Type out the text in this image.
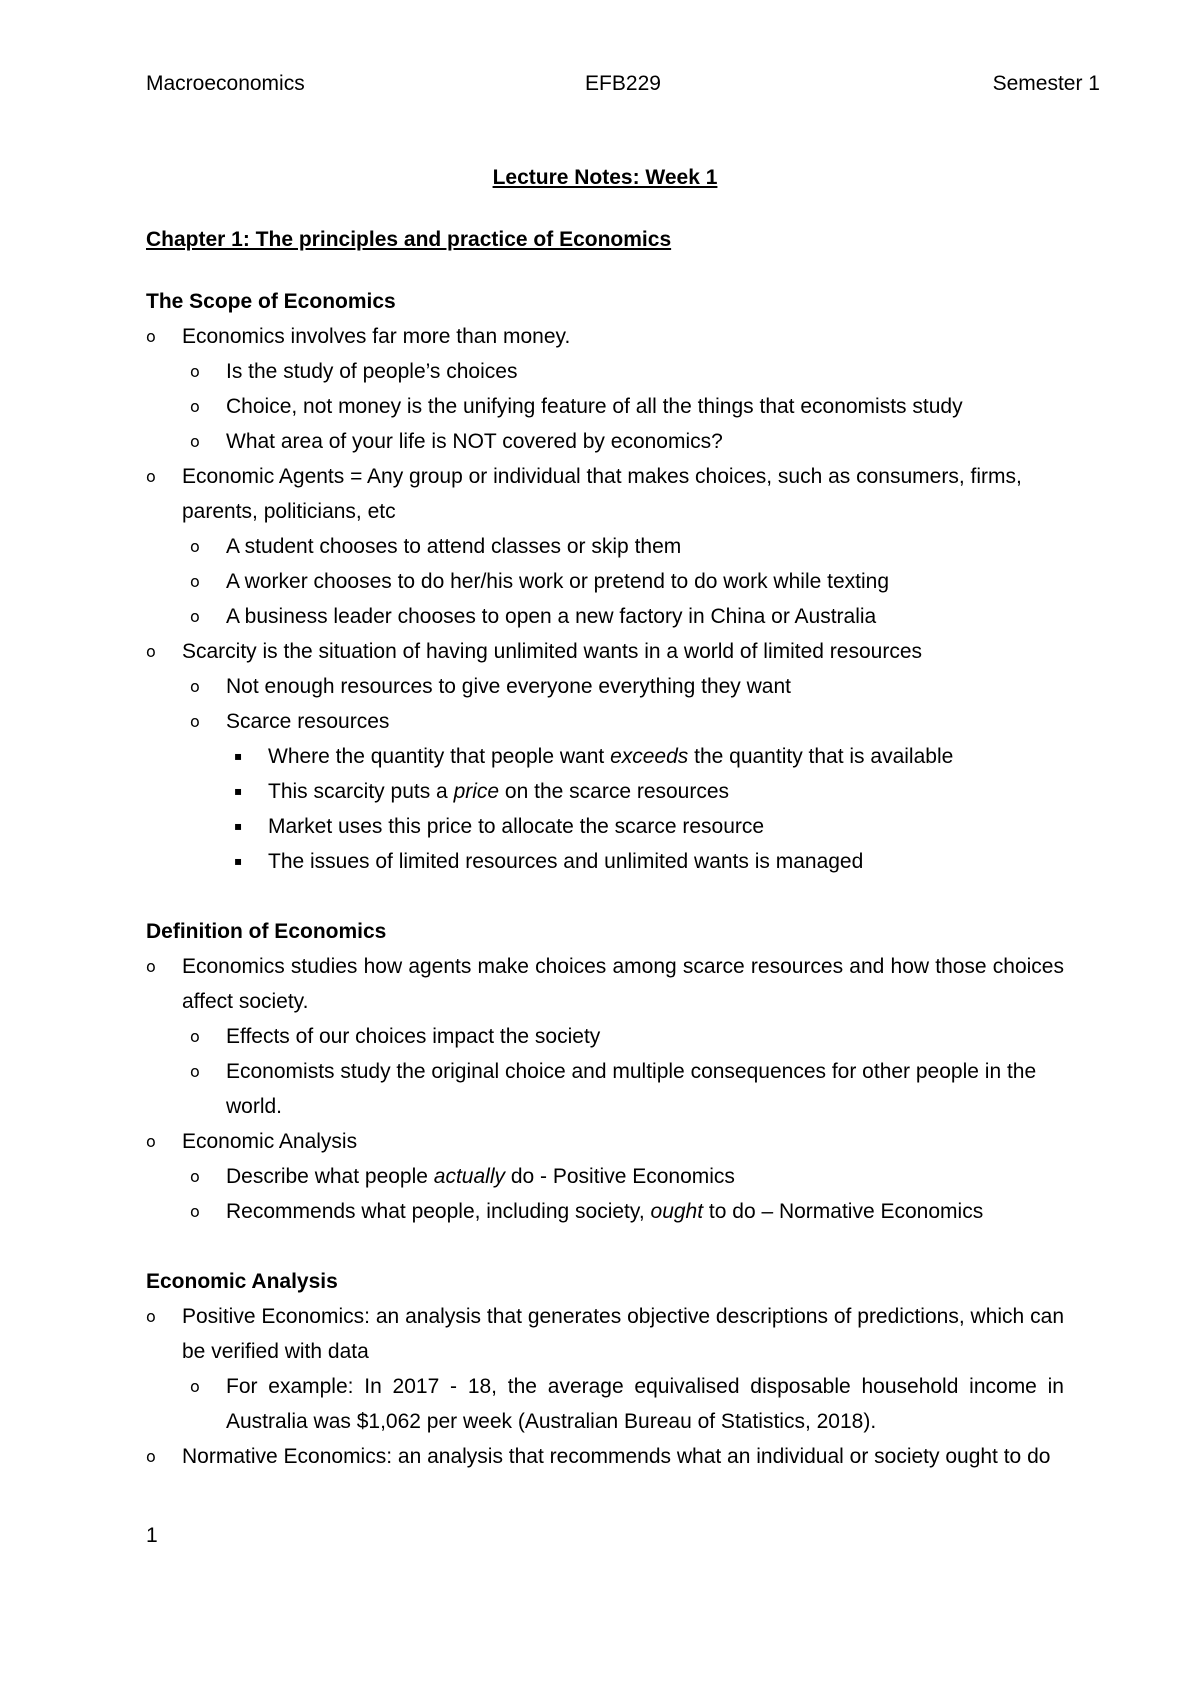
Macroeconomics	EFB229	Semester 1
Lecture Notes: Week 1
Chapter 1: The principles and practice of Economics
The Scope of Economics
o	Economics involves far more than money.
o	Is the study of people’s choices
o	Choice, not money is the unifying feature of all the things that economists study
o	What area of your life is NOT covered by economics?
o	Economic Agents = Any group or individual that makes choices, such as consumers, firms, parents, politicians, etc
o	A student chooses to attend classes or skip them
o	A worker chooses to do her/his work or pretend to do work while texting
o	A business leader chooses to open a new factory in China or Australia
o	Scarcity is the situation of having unlimited wants in a world of limited resources
o	Not enough resources to give everyone everything they want
o	Scarce resources
▪	Where the quantity that people want exceeds the quantity that is available
▪	This scarcity puts a price on the scarce resources
▪	Market uses this price to allocate the scarce resource
▪	The issues of limited resources and unlimited wants is managed
Definition of Economics
o	Economics studies how agents make choices among scarce resources and how those choices affect society.
o	Effects of our choices impact the society
o	Economists study the original choice and multiple consequences for other people in the world.
o	Economic Analysis
o	Describe what people actually do - Positive Economics
o	Recommends what people, including society, ought to do – Normative Economics
Economic Analysis
o	Positive Economics: an analysis that generates objective descriptions of predictions, which can be verified with data
o	For example: In 2017 - 18, the average equivalised disposable household income in Australia was $1,062 per week (Australian Bureau of Statistics, 2018).
o	Normative Economics: an analysis that recommends what an individual or society ought to do
1
